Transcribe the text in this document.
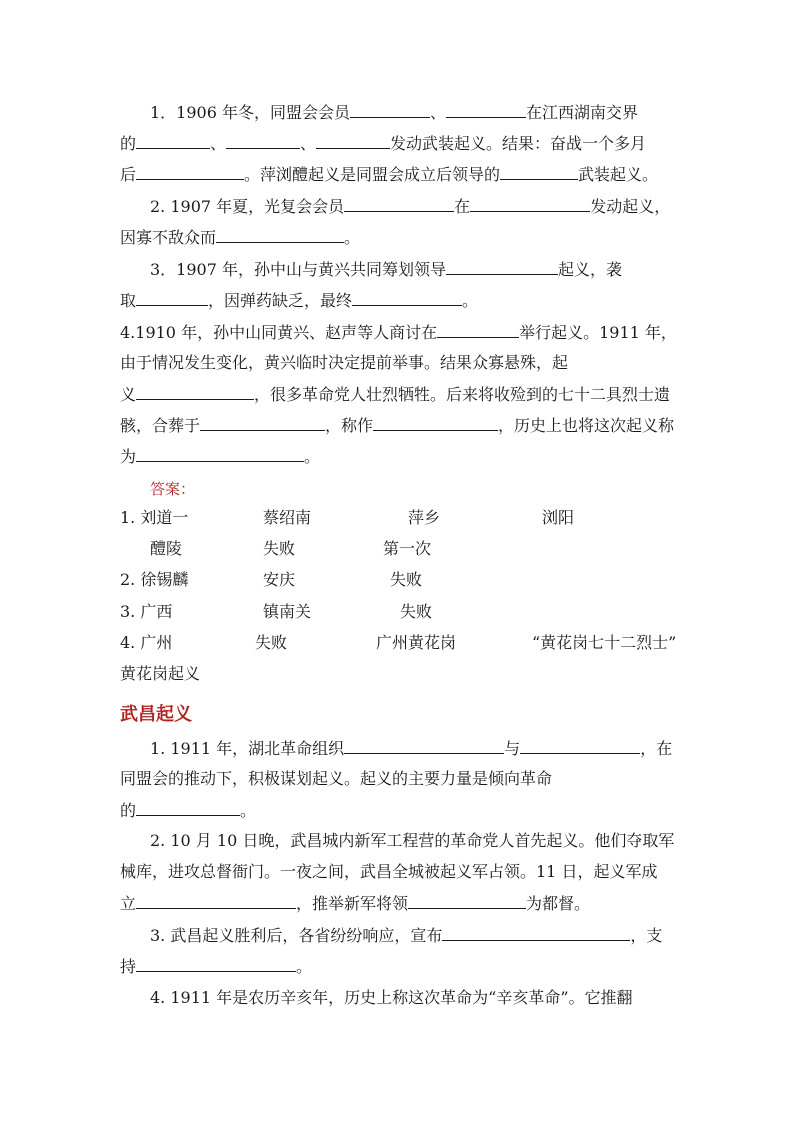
1．1906 年冬，同盟会会员	、	在江西湖南交界
的	、	、	发动武装起义。结果：奋战一个多月
后	。萍浏醴起义是同盟会成立后领导的	武装起义。
2. 1907 年夏，光复会会员	在	发动起义，
因寡不敌众而	。
3．1907 年，孙中山与黄兴共同筹划领导	起义，袭
取	，因弹药缺乏，最终	。
4.1910 年，孙中山同黄兴、赵声等人商讨在	举行起义。1911 年，
由于情况发生变化，黄兴临时决定提前举事。结果众寡悬殊，起
义	，很多革命党人壮烈牺牲。后来将收殓到的七十二具烈士遗
骸，合葬于	，称作	，历史上也将这次起义称
为	。
答案：
1. 刘道一	蔡绍南	萍乡	浏阳
醴陵	失败	第一次
2. 徐锡麟	安庆	失败
3. 广西	镇南关	失败
4. 广州	失败	广州黄花岗	“黄花岗七十二烈士”
黄花岗起义
武昌起义
1. 1911 年，湖北革命组织	与	，在
同盟会的推动下，积极谋划起义。起义的主要力量是倾向革命
的	。
2. 10 月 10 日晚，武昌城内新军工程营的革命党人首先起义。他们夺取军
械库，进攻总督衙门。一夜之间，武昌全城被起义军占领。11 日，起义军成
立	，推举新军将领	为都督。
3. 武昌起义胜利后，各省纷纷响应，宣布	，支
持	。
4. 1911 年是农历辛亥年，历史上称这次革命为“辛亥革命”。它推翻
